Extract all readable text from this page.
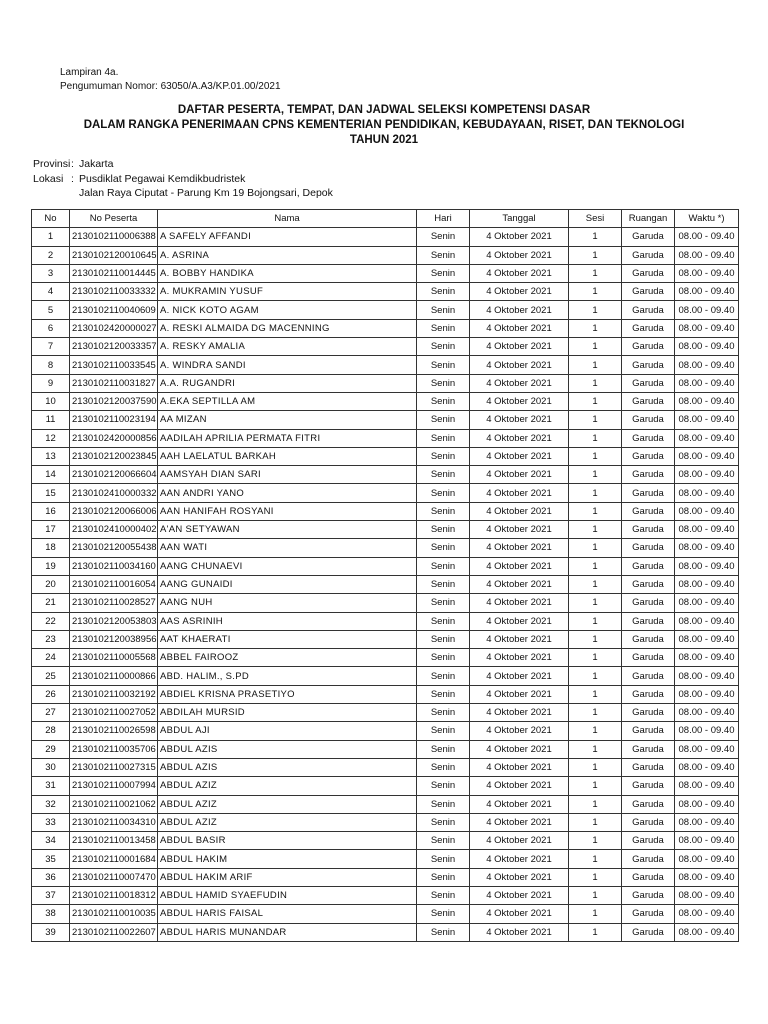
Lampiran 4a.
Pengumuman Nomor: 63050/A.A3/KP.01.00/2021
DAFTAR PESERTA, TEMPAT, DAN JADWAL SELEKSI KOMPETENSI DASAR
DALAM RANGKA PENERIMAAN CPNS KEMENTERIAN PENDIDIKAN, KEBUDAYAAN, RISET, DAN TEKNOLOGI
TAHUN 2021
Provinsi : Jakarta
Lokasi : Pusdiklat Pegawai Kemdikbudristek
Jalan Raya Ciputat - Parung Km 19 Bojongsari, Depok
No	No Peserta	Nama	Hari	Tanggal	Sesi	Ruangan	Waktu *)
1	2130102110006388	A SAFELY AFFANDI	Senin	4 Oktober 2021	1	Garuda	08.00 - 09.40
2	2130102120010645	A. ASRINA	Senin	4 Oktober 2021	1	Garuda	08.00 - 09.40
3	2130102110014445	A. BOBBY HANDIKA	Senin	4 Oktober 2021	1	Garuda	08.00 - 09.40
4	2130102110033332	A. MUKRAMIN YUSUF	Senin	4 Oktober 2021	1	Garuda	08.00 - 09.40
5	2130102110040609	A. NICK KOTO AGAM	Senin	4 Oktober 2021	1	Garuda	08.00 - 09.40
6	2130102420000027	A. RESKI ALMAIDA DG MACENNING	Senin	4 Oktober 2021	1	Garuda	08.00 - 09.40
7	2130102120033357	A. RESKY AMALIA	Senin	4 Oktober 2021	1	Garuda	08.00 - 09.40
8	2130102110033545	A. WINDRA SANDI	Senin	4 Oktober 2021	1	Garuda	08.00 - 09.40
9	2130102110031827	A.A. RUGANDRI	Senin	4 Oktober 2021	1	Garuda	08.00 - 09.40
10	2130102120037590	A.EKA SEPTILLA AM	Senin	4 Oktober 2021	1	Garuda	08.00 - 09.40
11	2130102110023194	AA MIZAN	Senin	4 Oktober 2021	1	Garuda	08.00 - 09.40
12	2130102420000856	AADILAH APRILIA PERMATA FITRI	Senin	4 Oktober 2021	1	Garuda	08.00 - 09.40
13	2130102120023845	AAH LAELATUL BARKAH	Senin	4 Oktober 2021	1	Garuda	08.00 - 09.40
14	2130102120066604	AAMSYAH DIAN SARI	Senin	4 Oktober 2021	1	Garuda	08.00 - 09.40
15	2130102410000332	AAN ANDRI YANO	Senin	4 Oktober 2021	1	Garuda	08.00 - 09.40
16	2130102120066006	AAN HANIFAH ROSYANI	Senin	4 Oktober 2021	1	Garuda	08.00 - 09.40
17	2130102410000402	A'AN SETYAWAN	Senin	4 Oktober 2021	1	Garuda	08.00 - 09.40
18	2130102120055438	AAN WATI	Senin	4 Oktober 2021	1	Garuda	08.00 - 09.40
19	2130102110034160	AANG CHUNAEVI	Senin	4 Oktober 2021	1	Garuda	08.00 - 09.40
20	2130102110016054	AANG GUNAIDI	Senin	4 Oktober 2021	1	Garuda	08.00 - 09.40
21	2130102110028527	AANG NUH	Senin	4 Oktober 2021	1	Garuda	08.00 - 09.40
22	2130102120053803	AAS ASRINIH	Senin	4 Oktober 2021	1	Garuda	08.00 - 09.40
23	2130102120038956	AAT KHAERATI	Senin	4 Oktober 2021	1	Garuda	08.00 - 09.40
24	2130102110005568	ABBEL FAIROOZ	Senin	4 Oktober 2021	1	Garuda	08.00 - 09.40
25	2130102110000866	ABD. HALIM., S.PD	Senin	4 Oktober 2021	1	Garuda	08.00 - 09.40
26	2130102110032192	ABDIEL KRISNA PRASETIYO	Senin	4 Oktober 2021	1	Garuda	08.00 - 09.40
27	2130102110027052	ABDILAH MURSID	Senin	4 Oktober 2021	1	Garuda	08.00 - 09.40
28	2130102110026598	ABDUL AJI	Senin	4 Oktober 2021	1	Garuda	08.00 - 09.40
29	2130102110035706	ABDUL AZIS	Senin	4 Oktober 2021	1	Garuda	08.00 - 09.40
30	2130102110027315	ABDUL AZIS	Senin	4 Oktober 2021	1	Garuda	08.00 - 09.40
31	2130102110007994	ABDUL AZIZ	Senin	4 Oktober 2021	1	Garuda	08.00 - 09.40
32	2130102110021062	ABDUL AZIZ	Senin	4 Oktober 2021	1	Garuda	08.00 - 09.40
33	2130102110034310	ABDUL AZIZ	Senin	4 Oktober 2021	1	Garuda	08.00 - 09.40
34	2130102110013458	ABDUL BASIR	Senin	4 Oktober 2021	1	Garuda	08.00 - 09.40
35	2130102110001684	ABDUL HAKIM	Senin	4 Oktober 2021	1	Garuda	08.00 - 09.40
36	2130102110007470	ABDUL HAKIM ARIF	Senin	4 Oktober 2021	1	Garuda	08.00 - 09.40
37	2130102110018312	ABDUL HAMID SYAEFUDIN	Senin	4 Oktober 2021	1	Garuda	08.00 - 09.40
38	2130102110010035	ABDUL HARIS FAISAL	Senin	4 Oktober 2021	1	Garuda	08.00 - 09.40
39	2130102110022607	ABDUL HARIS MUNANDAR	Senin	4 Oktober 2021	1	Garuda	08.00 - 09.40
